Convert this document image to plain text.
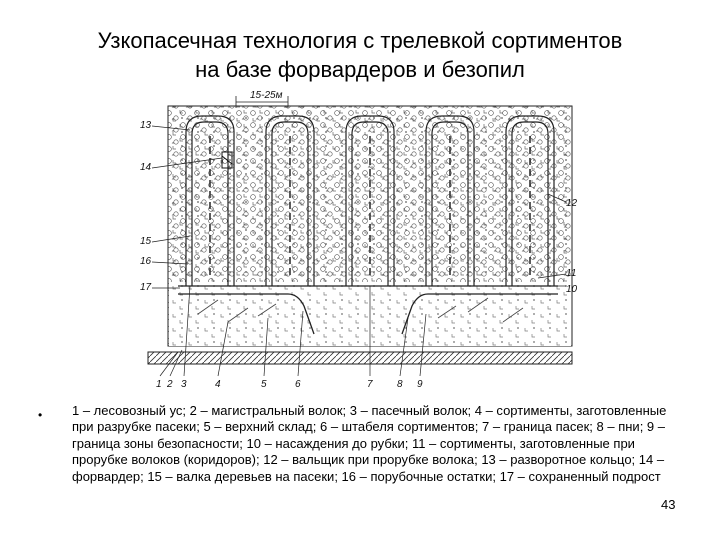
Узкопасечная технология с трелевкой сортиментов
на базе форвардеров и безопил
15-25м
13
14
15
16
17
12
11
10
1 2 3	4	5	6	7 8 9
• 1 – лесовозный ус; 2 – магистральный волок; 3 – пасечный волок; 4 – сортименты, заготовленные при разрубке пасеки; 5 – верхний склад; 6 – штабеля сортиментов; 7 – граница пасек; 8 – пни; 9 – граница зоны безопасности; 10 – насаждения до рубки; 11 – сортименты, заготовленные при прорубке волоков (коридоров); 12 – вальщик при прорубке волока; 13 – разворотное кольцо; 14 – форвардер; 15 – валка деревьев на пасеки; 16 – порубочные остатки; 17 – сохраненный подрост
43
